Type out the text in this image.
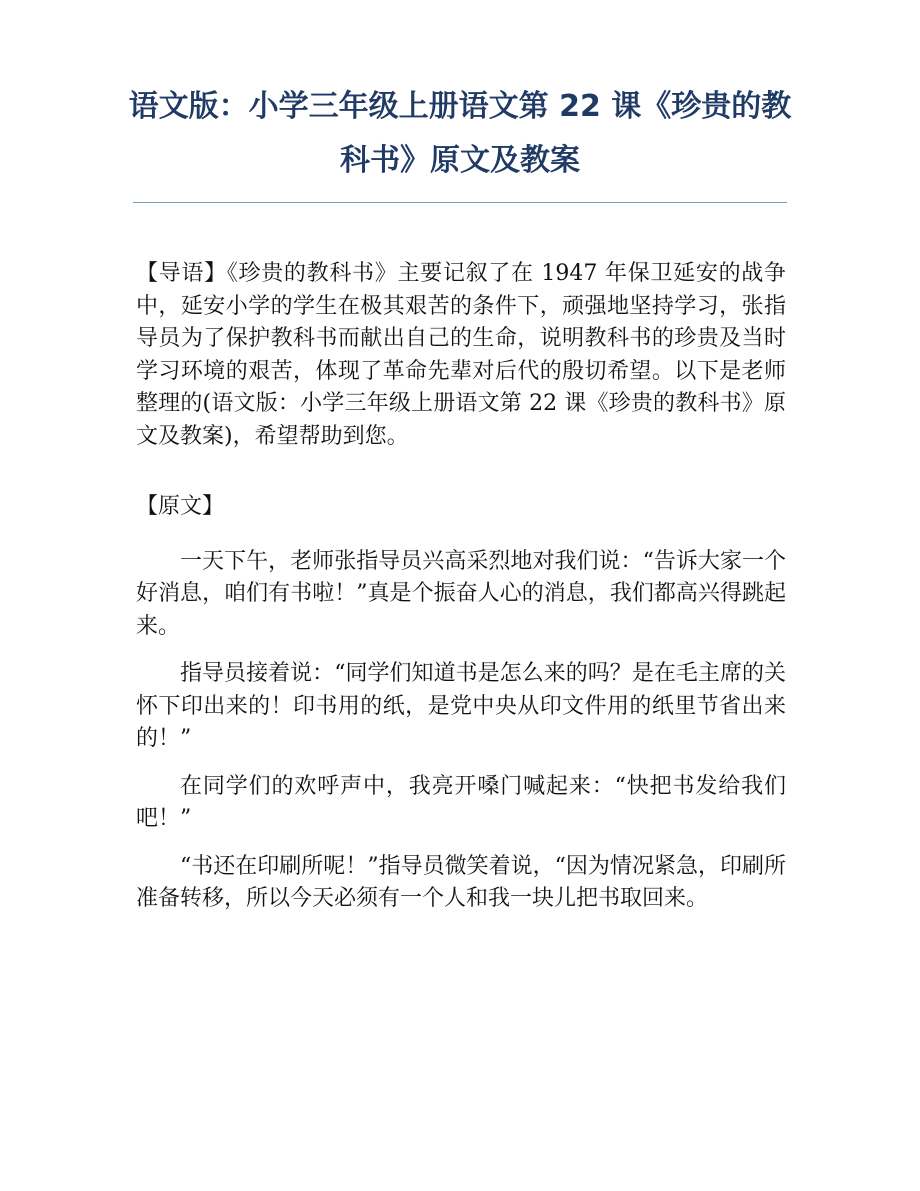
语文版：小学三年级上册语文第 22 课《珍贵的教科书》原文及教案

【导语】《珍贵的教科书》主要记叙了在 1947 年保卫延安的战争中，延安小学的学生在极其艰苦的条件下，顽强地坚持学习，张指导员为了保护教科书而献出自己的生命，说明教科书的珍贵及当时学习环境的艰苦，体现了革命先辈对后代的殷切希望。以下是老师整理的(语文版：小学三年级上册语文第 22 课《珍贵的教科书》原文及教案)，希望帮助到您。

【原文】

一天下午，老师张指导员兴高采烈地对我们说：“告诉大家一个好消息，咱们有书啦！”真是个振奋人心的消息，我们都高兴得跳起来。

指导员接着说：“同学们知道书是怎么来的吗？是在毛主席的关怀下印出来的！印书用的纸，是党中央从印文件用的纸里节省出来的！”

在同学们的欢呼声中，我亮开嗓门喊起来：“快把书发给我们吧！”

“书还在印刷所呢！”指导员微笑着说，“因为情况紧急，印刷所准备转移，所以今天必须有一个人和我一块儿把书取回来。
